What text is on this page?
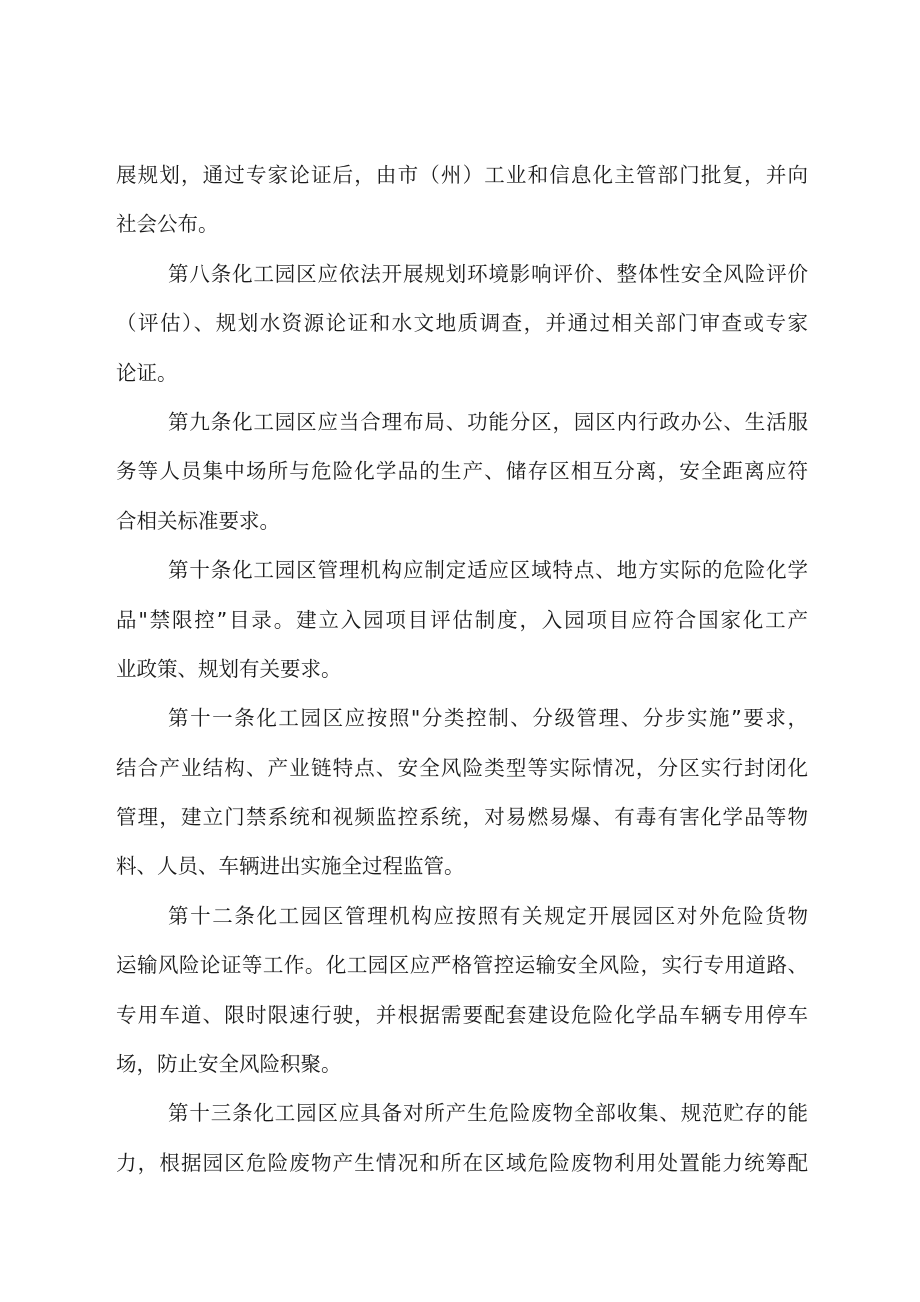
展规划，通过专家论证后，由市（州）工业和信息化主管部门批复，并向
社会公布。
第八条化工园区应依法开展规划环境影响评价、整体性安全风险评价
（评估）、规划水资源论证和水文地质调查，并通过相关部门审查或专家
论证。
第九条化工园区应当合理布局、功能分区，园区内行政办公、生活服
务等人员集中场所与危险化学品的生产、储存区相互分离，安全距离应符
合相关标准要求。
第十条化工园区管理机构应制定适应区域特点、地方实际的危险化学
品"禁限控”目录。建立入园项目评估制度，入园项目应符合国家化工产
业政策、规划有关要求。
第十一条化工园区应按照"分类控制、分级管理、分步实施”要求，
结合产业结构、产业链特点、安全风险类型等实际情况，分区实行封闭化
管理，建立门禁系统和视频监控系统，对易燃易爆、有毒有害化学品等物
料、人员、车辆进出实施全过程监管。
第十二条化工园区管理机构应按照有关规定开展园区对外危险货物
运输风险论证等工作。化工园区应严格管控运输安全风险，实行专用道路、
专用车道、限时限速行驶，并根据需要配套建设危险化学品车辆专用停车
场，防止安全风险积聚。
第十三条化工园区应具备对所产生危险废物全部收集、规范贮存的能
力，根据园区危险废物产生情况和所在区域危险废物利用处置能力统筹配
